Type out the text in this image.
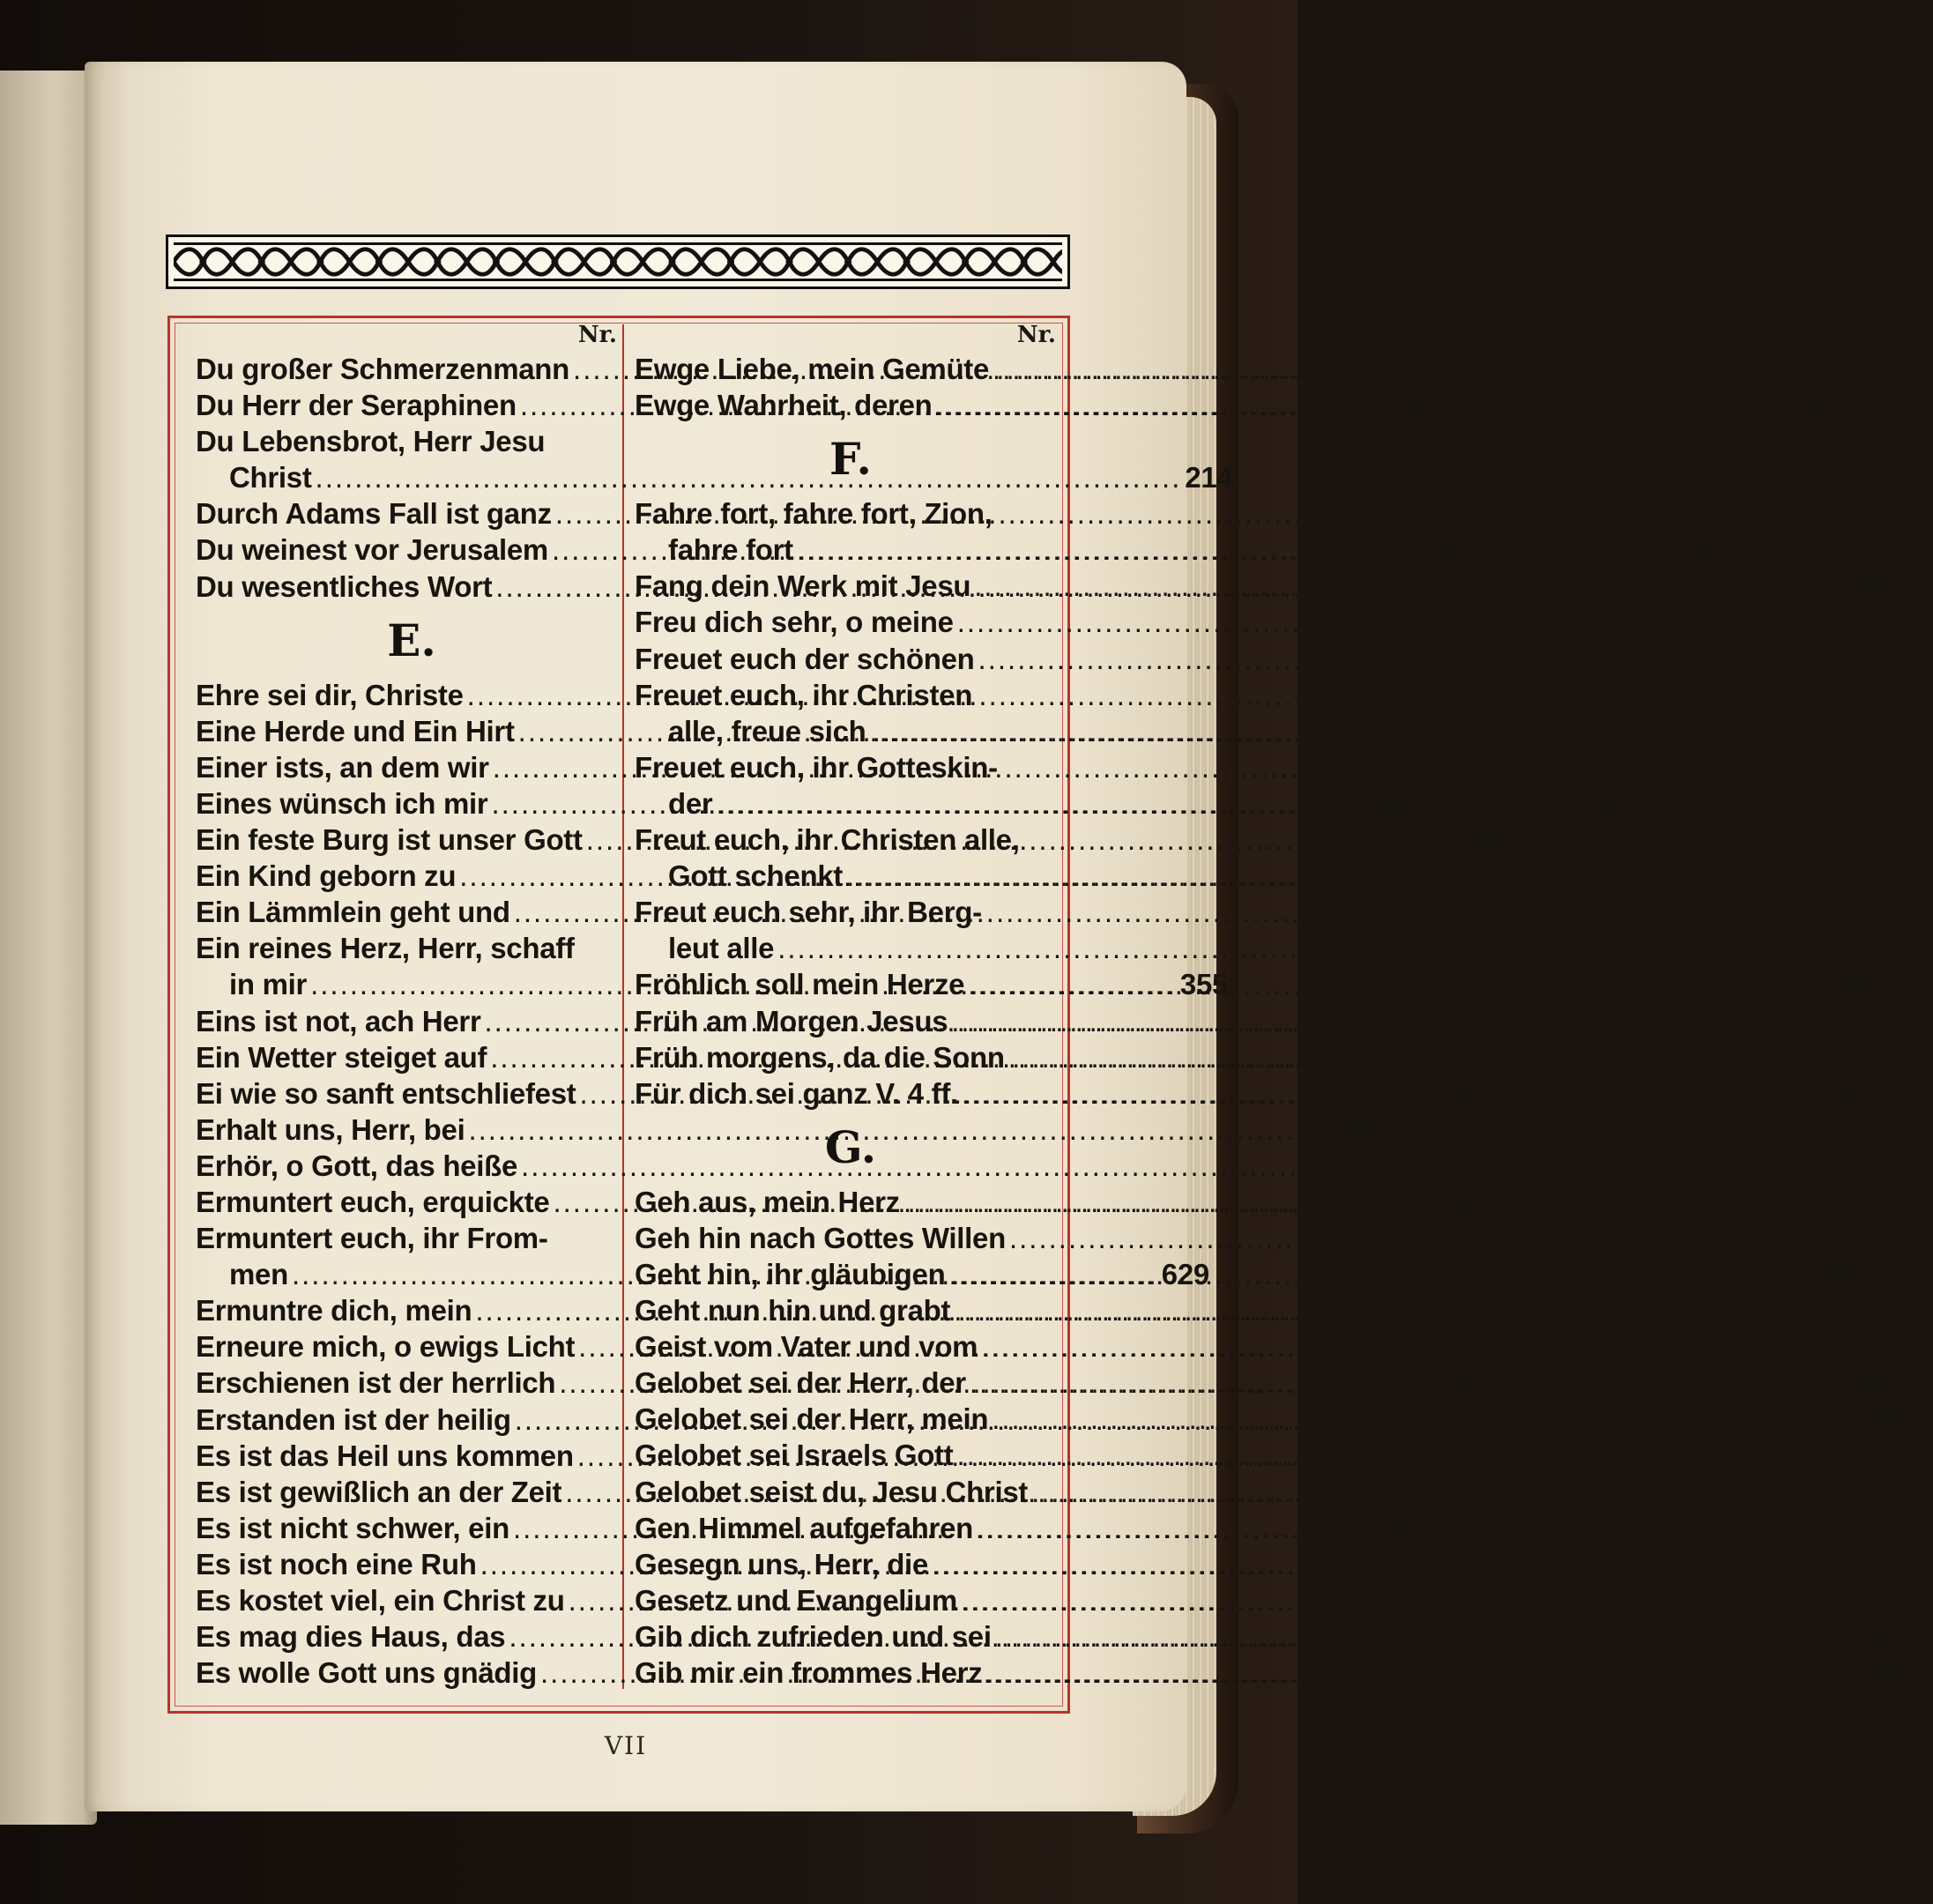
Nr.
Du großer Schmerzenmann .....	84
Du Herr der Seraphinen .....	163
Du Lebensbrot, Herr Jesu
Christ .....	214
Durch Adams Fall ist ganz .....	230
Du weinest vor Jerusalem .....	391
Du wesentliches Wort .....	53
E.
Ehre sei dir, Christe .....	74
Eine Herde und Ein Hirt .....	182
Einer ists, an dem wir .....	180
Eines wünsch ich mir .....	100
Ein feste Burg ist unser Gott .....	168
Ein Kind geborn zu .....	36
Ein Lämmlein geht und .....	85
Ein reines Herz, Herr, schaff
in mir .....	355
Eins ist not, ach Herr .....	312
Ein Wetter steiget auf .....	557
Ei wie so sanft entschliefest .....	603
Erhalt uns, Herr, bei .....	169
Erhör, o Gott, das heiße .....	207
Ermuntert euch, erquickte .....	486
Ermuntert euch, ihr From-
men .....	629
Ermuntre dich, mein .....	46
Erneure mich, o ewigs Licht .....	360
Erschienen ist der herrlich .....	109
Erstanden ist der heilig .....	106
Es ist das Heil uns kommen .....	264
Es ist gewißlich an der Zeit .....	620
Es ist nicht schwer, ein .....	357
Es ist noch eine Ruh .....	633
Es kostet viel, ein Christ zu .....	356
Es mag dies Haus, das .....	615
Es wolle Gott uns gnädig .....	165
Nr.
Ewge Liebe, mein Gemüte .....	281
Ewge Wahrheit, deren .....	422
F.
Fahre fort, fahre fort, Zion,
fahre fort .....	176
Fang dein Werk mit Jesu .....	489
Freu dich sehr, o meine .....	587
Freuet euch der schönen .....	553
Freuet euch, ihr Christen
alle, freue sich .....	43
Freuet euch, ihr Gotteskin-
der .....	69
Freut euch, ihr Christen alle,
Gott schenkt .....	140
Freut euch sehr, ihr Berg-
leut alle .....	541
Fröhlich soll mein Herze .....	48
Früh am Morgen Jesus .....	492
Früh morgens, da die Sonn .....	112
Für dich sei ganz V. 4 ff. .....	327
G.
Geh aus, mein Herz .....	548
Geh hin nach Gottes Willen .....	375
Geht hin, ihr gläubigen .....	285
Geht nun hin und grabt .....	605
Geist vom Vater und vom .....	146
Gelobet sei der Herr, der .....	158
Gelobet sei der Herr, mein .....	448
Gelobet sei Israels Gott .....	159
Gelobet seist du, Jesu Christ .....	37
Gen Himmel aufgefahren .....	129
Gesegn uns, Herr, die .....	493
Gesetz und Evangelium .....	195
Gib dich zufrieden und sei .....	402
Gib mir ein frommes Herz .....	369
VII
